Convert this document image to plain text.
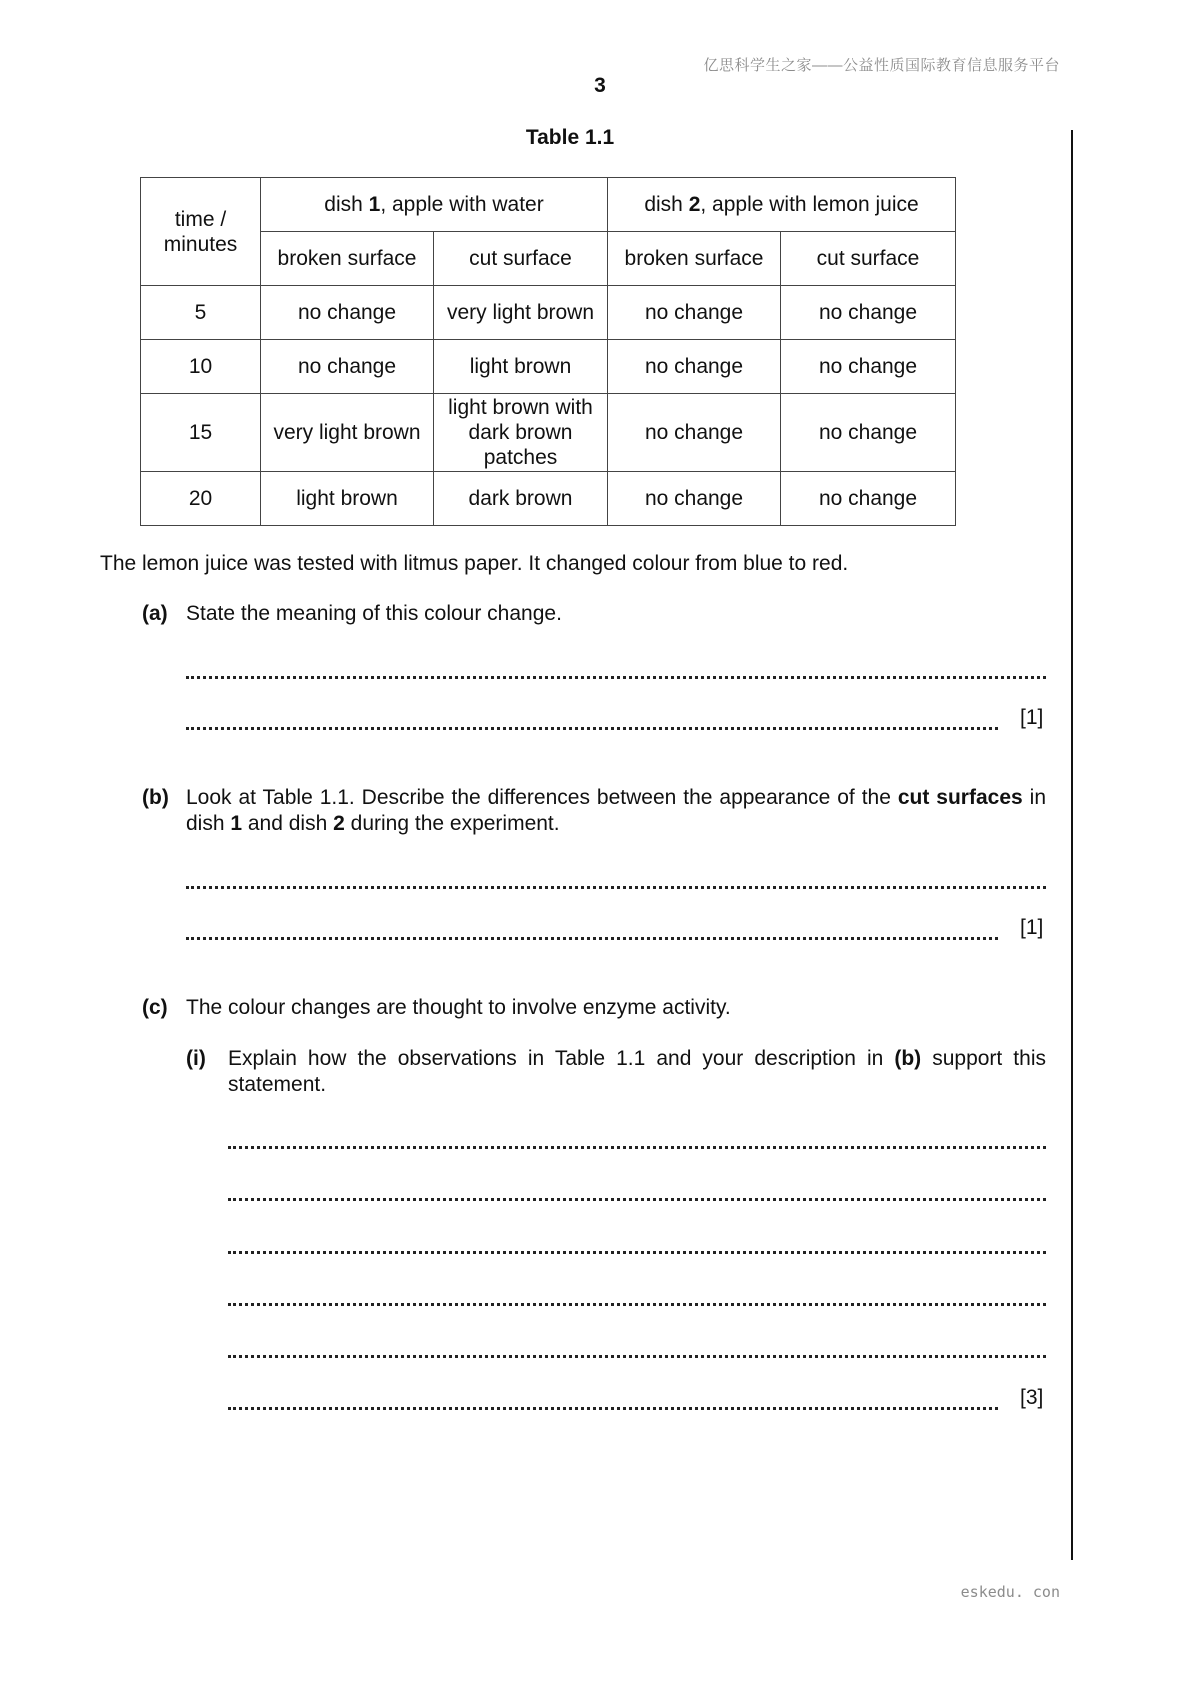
亿思科学生之家——公益性质国际教育信息服务平台
3
Table 1.1
time / minutes	dish 1, apple with water		dish 2, apple with lemon juice	
	broken surface	cut surface	broken surface	cut surface
5	no change	very light brown	no change	no change
10	no change	light brown	no change	no change
15	very light brown	light brown with dark brown patches	no change	no change
20	light brown	dark brown	no change	no change
The lemon juice was tested with litmus paper. It changed colour from blue to red.
(a) State the meaning of this colour change.
[1]
(b) Look at Table 1.1. Describe the differences between the appearance of the cut surfaces in dish 1 and dish 2 during the experiment.
[1]
(c) The colour changes are thought to involve enzyme activity.
(i) Explain how the observations in Table 1.1 and your description in (b) support this statement.
[3]
eskedu. con
